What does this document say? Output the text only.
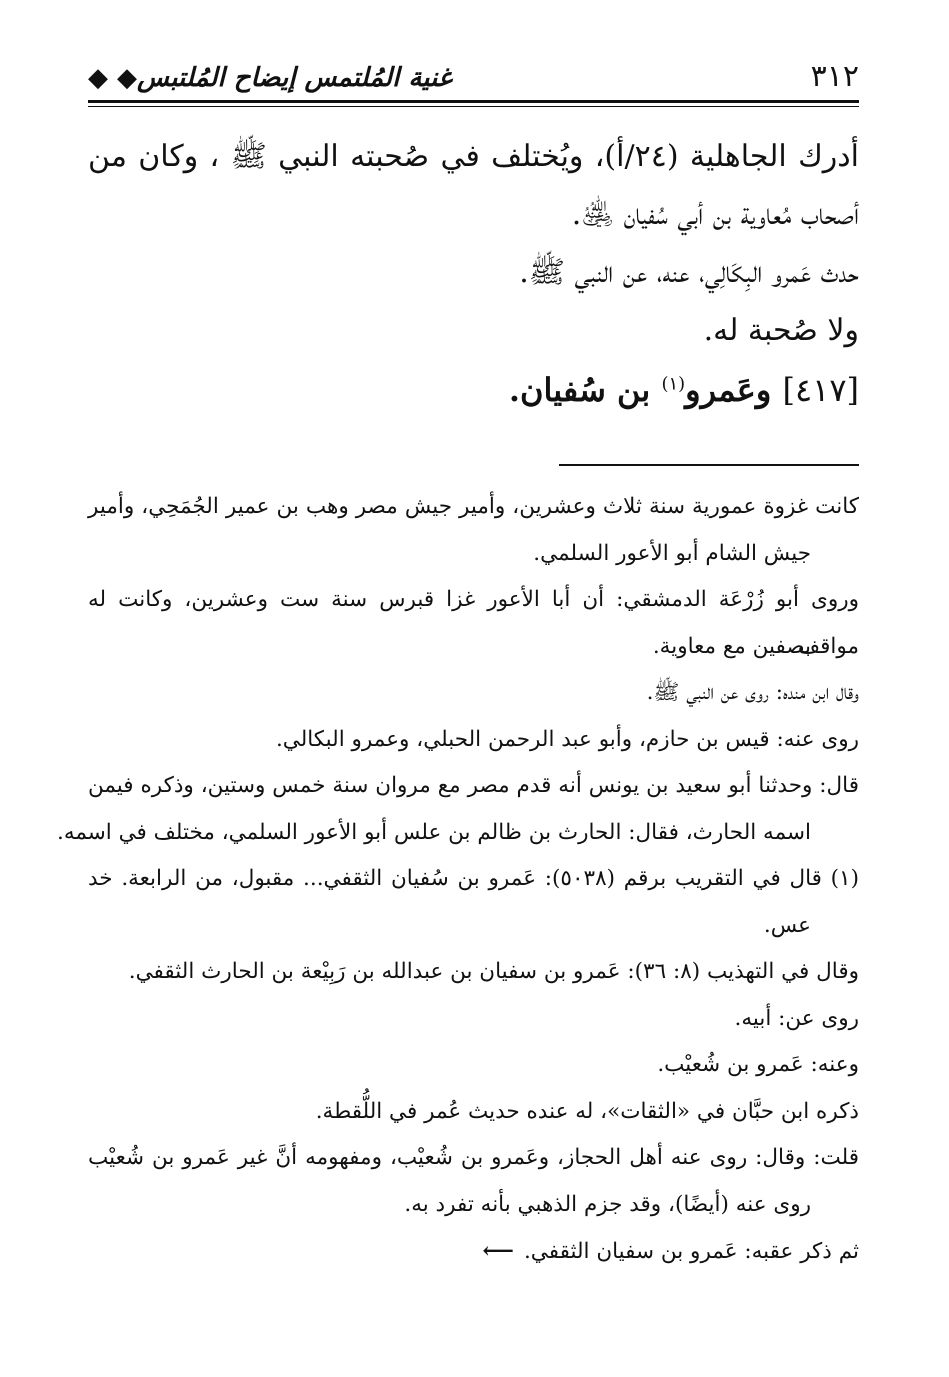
٣١٢
غنية المُلتمس إيضاح المُلتبس◆ ◆
أدرك الجاهلية (٢٤/أ)، ويُختلف في صُحبته النبي ﷺ ، وكان من
أصحاب مُعاوية بن أبي سُفيان ﵁.
حدث عَمرو البِكَالِي، عنه، عن النبي ﷺ.
ولا صُحبة له.
[٤١٧] وعَمرو$^{(١)}$ بن سُفيان.
كانت غزوة عمورية سنة ثلاث وعشرين، وأمير جيش مصر وهب بن عمير الجُمَحِي، وأمير
جيش الشام أبو الأعور السلمي.
وروى أبو زُرْعَة الدمشقي: أن أبا الأعور غزا قبرس سنة ست وعشرين، وكانت له مواقف
بصفين مع معاوية.
وقال ابن منده: روى عن النبي ﷺ.
روى عنه: قيس بن حازم، وأبو عبد الرحمن الحبلي، وعمرو البكالي.
قال: وحدثنا أبو سعيد بن يونس أنه قدم مصر مع مروان سنة خمس وستين، وذكره فيمن
اسمه الحارث، فقال: الحارث بن ظالم بن علس أبو الأعور السلمي، مختلف في اسمه.
(١) قال في التقريب برقم (٥٠٣٨): عَمرو بن سُفيان الثقفي... مقبول، من الرابعة. خد
عس.
وقال في التهذيب (٨: ٣٦): عَمرو بن سفيان بن عبدالله بن رَبِيْعة بن الحارث الثقفي.
روى عن: أبيه.
وعنه: عَمرو بن شُعيْب.
ذكره ابن حبَّان في «الثقات»، له عنده حديث عُمر في اللُّقطة.
قلت: وقال: روى عنه أهل الحجاز، وعَمرو بن شُعيْب، ومفهومه أنَّ غير عَمرو بن شُعيْب
روى عنه (أيضًا)، وقد جزم الذهبي بأنه تفرد به.
ثم ذكر عقبه: عَمرو بن سفيان الثقفي.⟵
